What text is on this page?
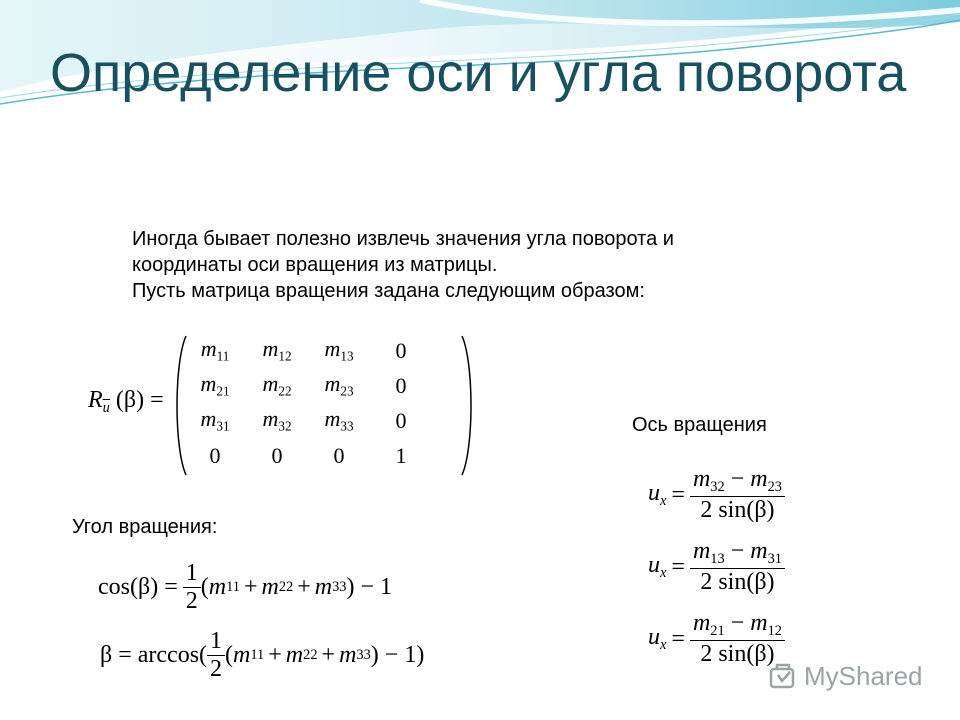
Определение оси и угла поворота
Иногда бывает полезно извлечь значения угла поворота и
координаты оси вращения из матрицы.
Пусть матрица вращения задана следующим образом:
$R_{\overline{u}}$ (β) =
$m_{11}$	$m_{12}$	$m_{13}$	0
$m_{21}$	$m_{22}$	$m_{23}$	0
$m_{31}$	$m_{32}$	$m_{33}$	0
0	0	0	1
Ось вращения
$u_x = \frac{m_{32} - m_{23}}{2 \sin(\beta)}$
$u_x = \frac{m_{13} - m_{31}}{2 \sin(\beta)}$
$u_x = \frac{m_{21} - m_{12}}{2 \sin(\beta)}$
Угол вращения:
$\cos(\beta) = \frac{1}{2}$ ( m 11 + m 22 + m 33 ) − 1
$\beta = \arccos( \frac{1}{2}$ ( m 11 + m 22 + m 33 ) − 1)
MyShared
